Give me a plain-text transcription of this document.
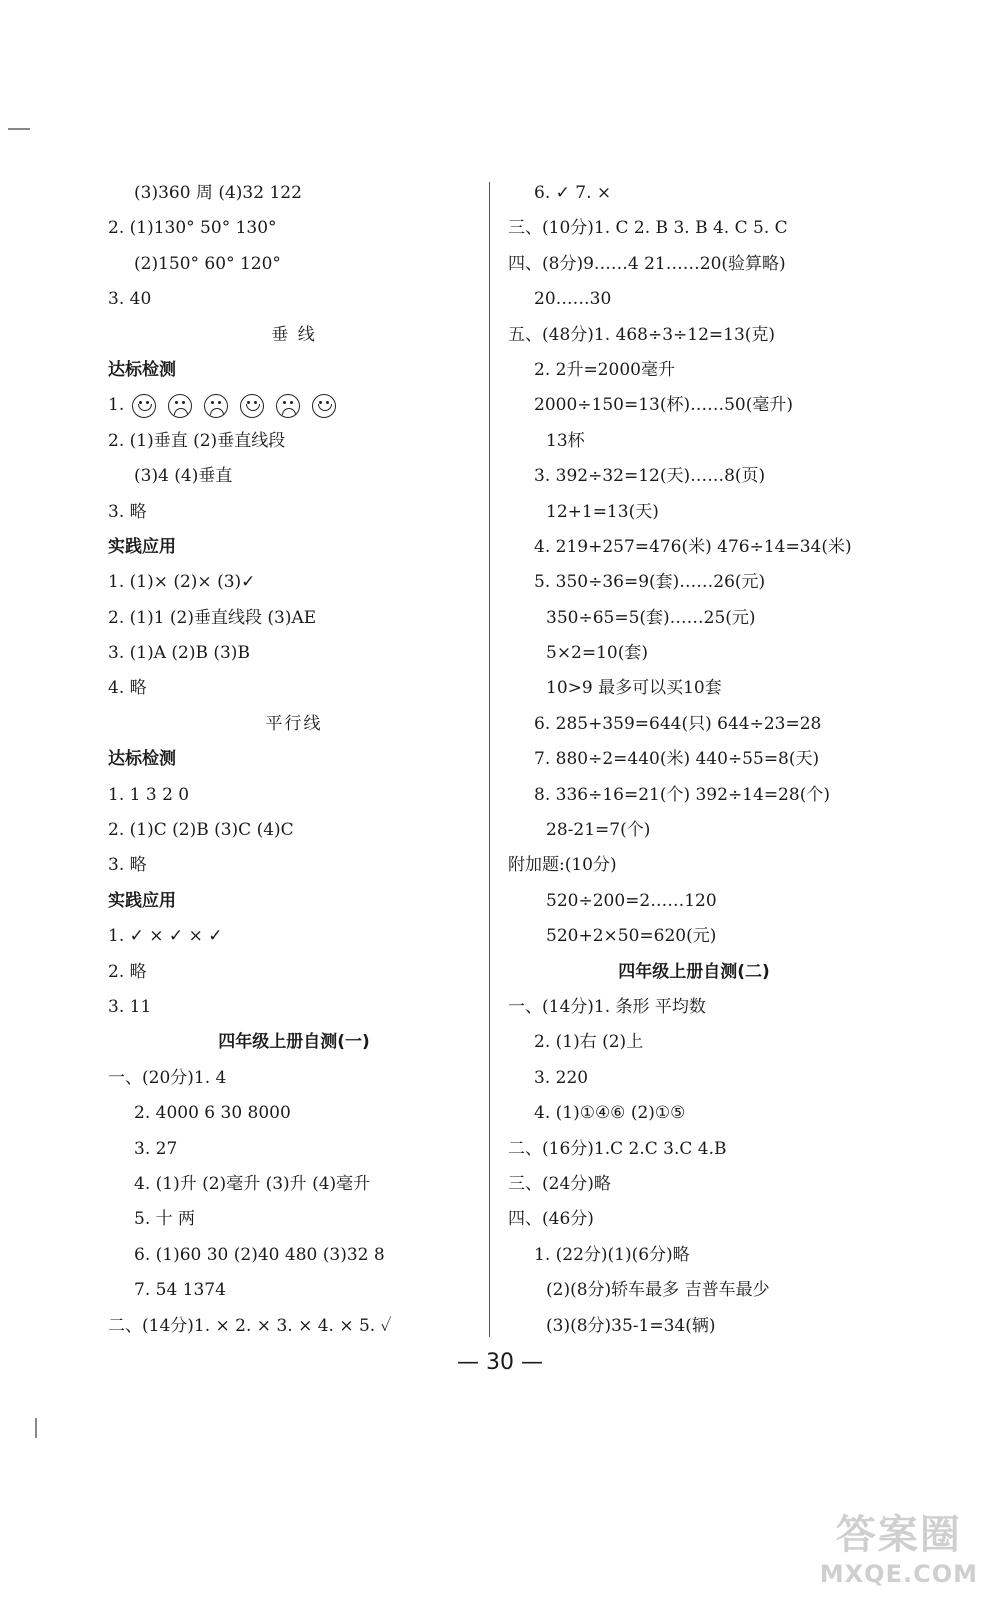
(3)360 周 (4)32 122
2. (1)130° 50° 130°
(2)150° 60° 120°
3. 40
垂 线
达标检测
1.
2. (1)垂直 (2)垂直线段
(3)4 (4)垂直
3. 略
实践应用
1. (1)× (2)× (3)✓
2. (1)1 (2)垂直线段 (3)AE
3. (1)A (2)B (3)B
4. 略
平行线
达标检测
1. 1 3 2 0
2. (1)C (2)B (3)C (4)C
3. 略
实践应用
1. ✓ × ✓ × ✓
2. 略
3. 11
四年级上册自测(一)
一、(20分)1. 4
2. 4000 6 30 8000
3. 27
4. (1)升 (2)毫升 (3)升 (4)毫升
5. 十 两
6. (1)60 30 (2)40 480 (3)32 8
7. 54 1374
二、(14分)1. × 2. × 3. × 4. × 5. ✓
6. ✓ 7. ×
三、(10分)1. C 2. B 3. B 4. C 5. C
四、(8分)9……4 21……20(验算略)
20……30
五、(48分)1. 468÷3÷12=13(克)
2. 2升=2000毫升
2000÷150=13(杯)……50(毫升)
13杯
3. 392÷32=12(天)……8(页)
12+1=13(天)
4. 219+257=476(米) 476÷14=34(米)
5. 350÷36=9(套)……26(元)
350÷65=5(套)……25(元)
5×2=10(套)
10>9 最多可以买10套
6. 285+359=644(只) 644÷23=28
7. 880÷2=440(米) 440÷55=8(天)
8. 336÷16=21(个) 392÷14=28(个)
28-21=7(个)
附加题:(10分)
520÷200=2……120
520+2×50=620(元)
四年级上册自测(二)
一、(14分)1. 条形 平均数
2. (1)右 (2)上
3. 220
4. (1)①④⑥ (2)①⑤
二、(16分)1.C 2.C 3.C 4.B
三、(24分)略
四、(46分)
1. (22分)(1)(6分)略
(2)(8分)轿车最多 吉普车最少
(3)(8分)35-1=34(辆)
— 30 —
答案圈
MXQE.COM
